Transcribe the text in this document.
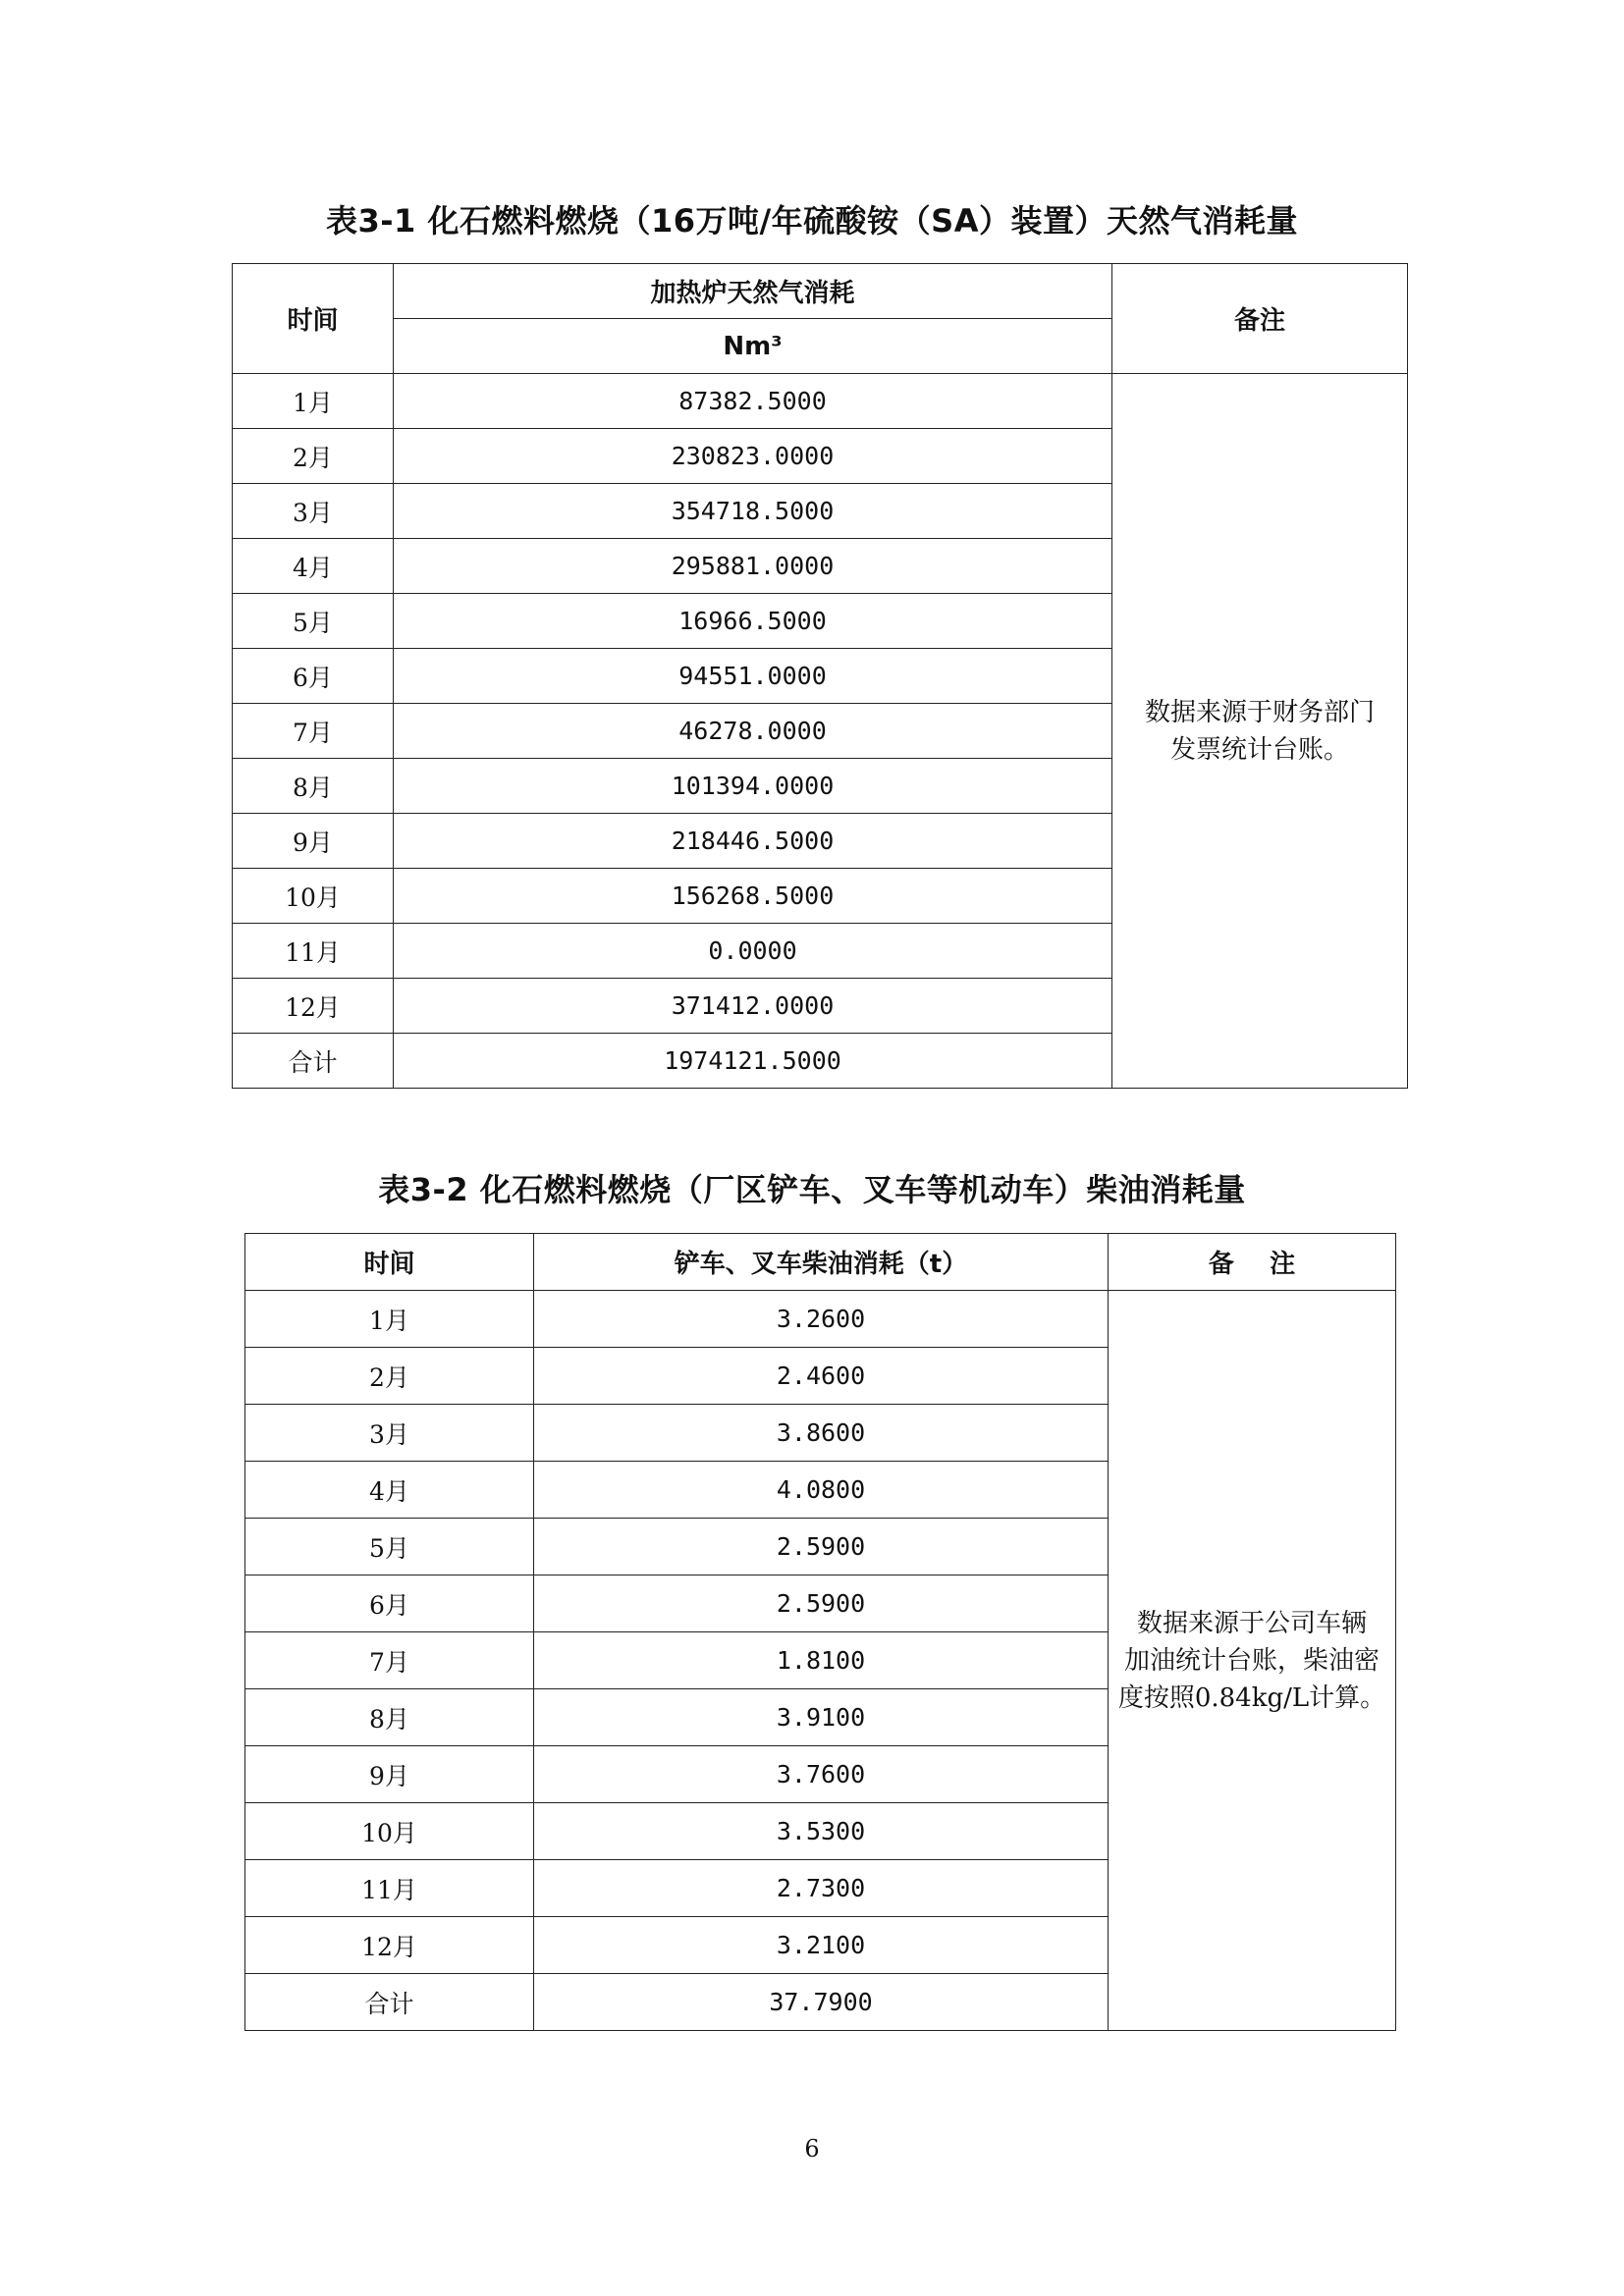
表3-1 化石燃料燃烧（16万吨/年硫酸铵（SA）装置）天然气消耗量
时间	加热炉天然气消耗	备注
	Nm³	
1月	87382.5000	数据来源于财务部门
发票统计台账。

2月	230823.0000	
3月	354718.5000	
4月	295881.0000	
5月	16966.5000	
6月	94551.0000	
7月	46278.0000	
8月	101394.0000	
9月	218446.5000	
10月	156268.5000	
11月	0.0000	
12月	371412.0000	
合计	1974121.5000	
表3-2 化石燃料燃烧（厂区铲车、叉车等机动车）柴油消耗量
时间	铲车、叉车柴油消耗（t）	备    注
1月	3.2600	数据来源于公司车辆
加油统计台账，柴油密
度按照0.84kg/L计算。

2月	2.4600	
3月	3.8600	
4月	4.0800	
5月	2.5900	
6月	2.5900	
7月	1.8100	
8月	3.9100	
9月	3.7600	
10月	3.5300	
11月	2.7300	
12月	3.2100	
合计	37.7900	
6
